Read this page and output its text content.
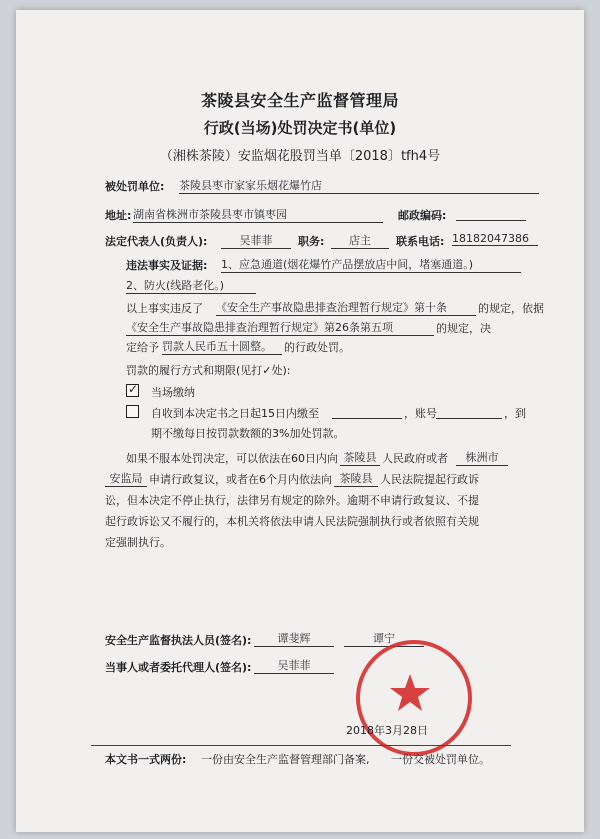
茶陵县安全生产监督管理局
行政(当场)处罚决定书(单位)
（湘株茶陵）安监烟花股罚当单〔2018〕tfh4号
被处罚单位: 茶陵县枣市家家乐烟花爆竹店
地址: 湖南省株洲市茶陵县枣市镇枣园	邮政编码:
法定代表人(负责人):	吴菲菲	职务:	店主	联系电话: 18182047386
违法事实及证据: 1、应急通道(烟花爆竹产品摆放店中间，堵塞通道。)
2、防火(线路老化。)
以上事实违反了 《安全生产事故隐患排查治理暂行规定》第十条	的规定，依据
《安全生产事故隐患排查治理暂行规定》第26条第五项	的规定，决
定给予 罚款人民币五十圆整。	的行政处罚。
罚款的履行方式和期限(见打✓处):
✓ 当场缴纳
自收到本决定书之日起15日内缴至	，账号	，到
期不缴每日按罚款数额的3%加处罚款。
如果不服本处罚决定，可以依法在60日内向 茶陵县 人民政府或者	株洲市
安监局 申请行政复议，或者在6个月内依法向 茶陵县 人民法院提起行政诉
讼，但本决定不停止执行，法律另有规定的除外。逾期不申请行政复议、不提
起行政诉讼又不履行的，本机关将依法申请人民法院强制执行或者依照有关规
定强制执行。
安全生产监督执法人员(签名):	谭斐辉	谭宁
当事人或者委托代理人(签名):	吴菲菲
2018年3月28日
本文书一式两份: 一份由安全生产监督管理部门备案, 一份交被处罚单位。
